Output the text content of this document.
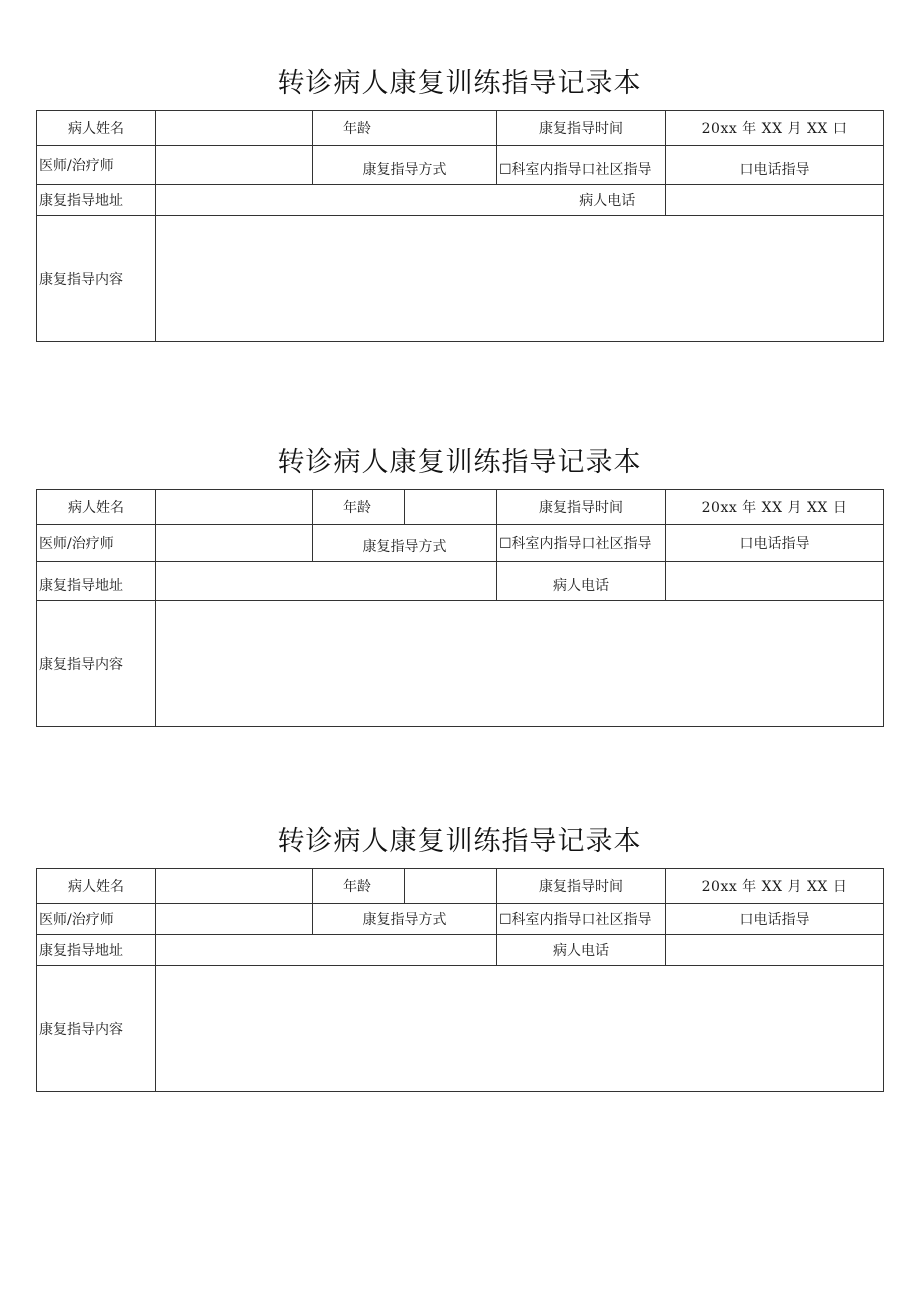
转诊病人康复训练指导记录本
病人姓名		年龄	康复指导时间		20xx 年 XX 月 XX 口
医师/治疗师		康复指导方式	☐科室内指导口社区指导		口电话指导
康复指导地址				病人电话	
康复指导内容					
转诊病人康复训练指导记录本
病人姓名		年龄		康复指导时间	20xx 年 XX 月 XX 日
医师/治疗师		康复指导方式		☐科室内指导口社区指导	口电话指导
康复指导地址				病人电话	
康复指导内容					
转诊病人康复训练指导记录本
病人姓名		年龄		康复指导时间	20xx 年 XX 月 XX 日
医师/治疗师		康复指导方式		☐科室内指导口社区指导	口电话指导
康复指导地址				病人电话	
康复指导内容					
